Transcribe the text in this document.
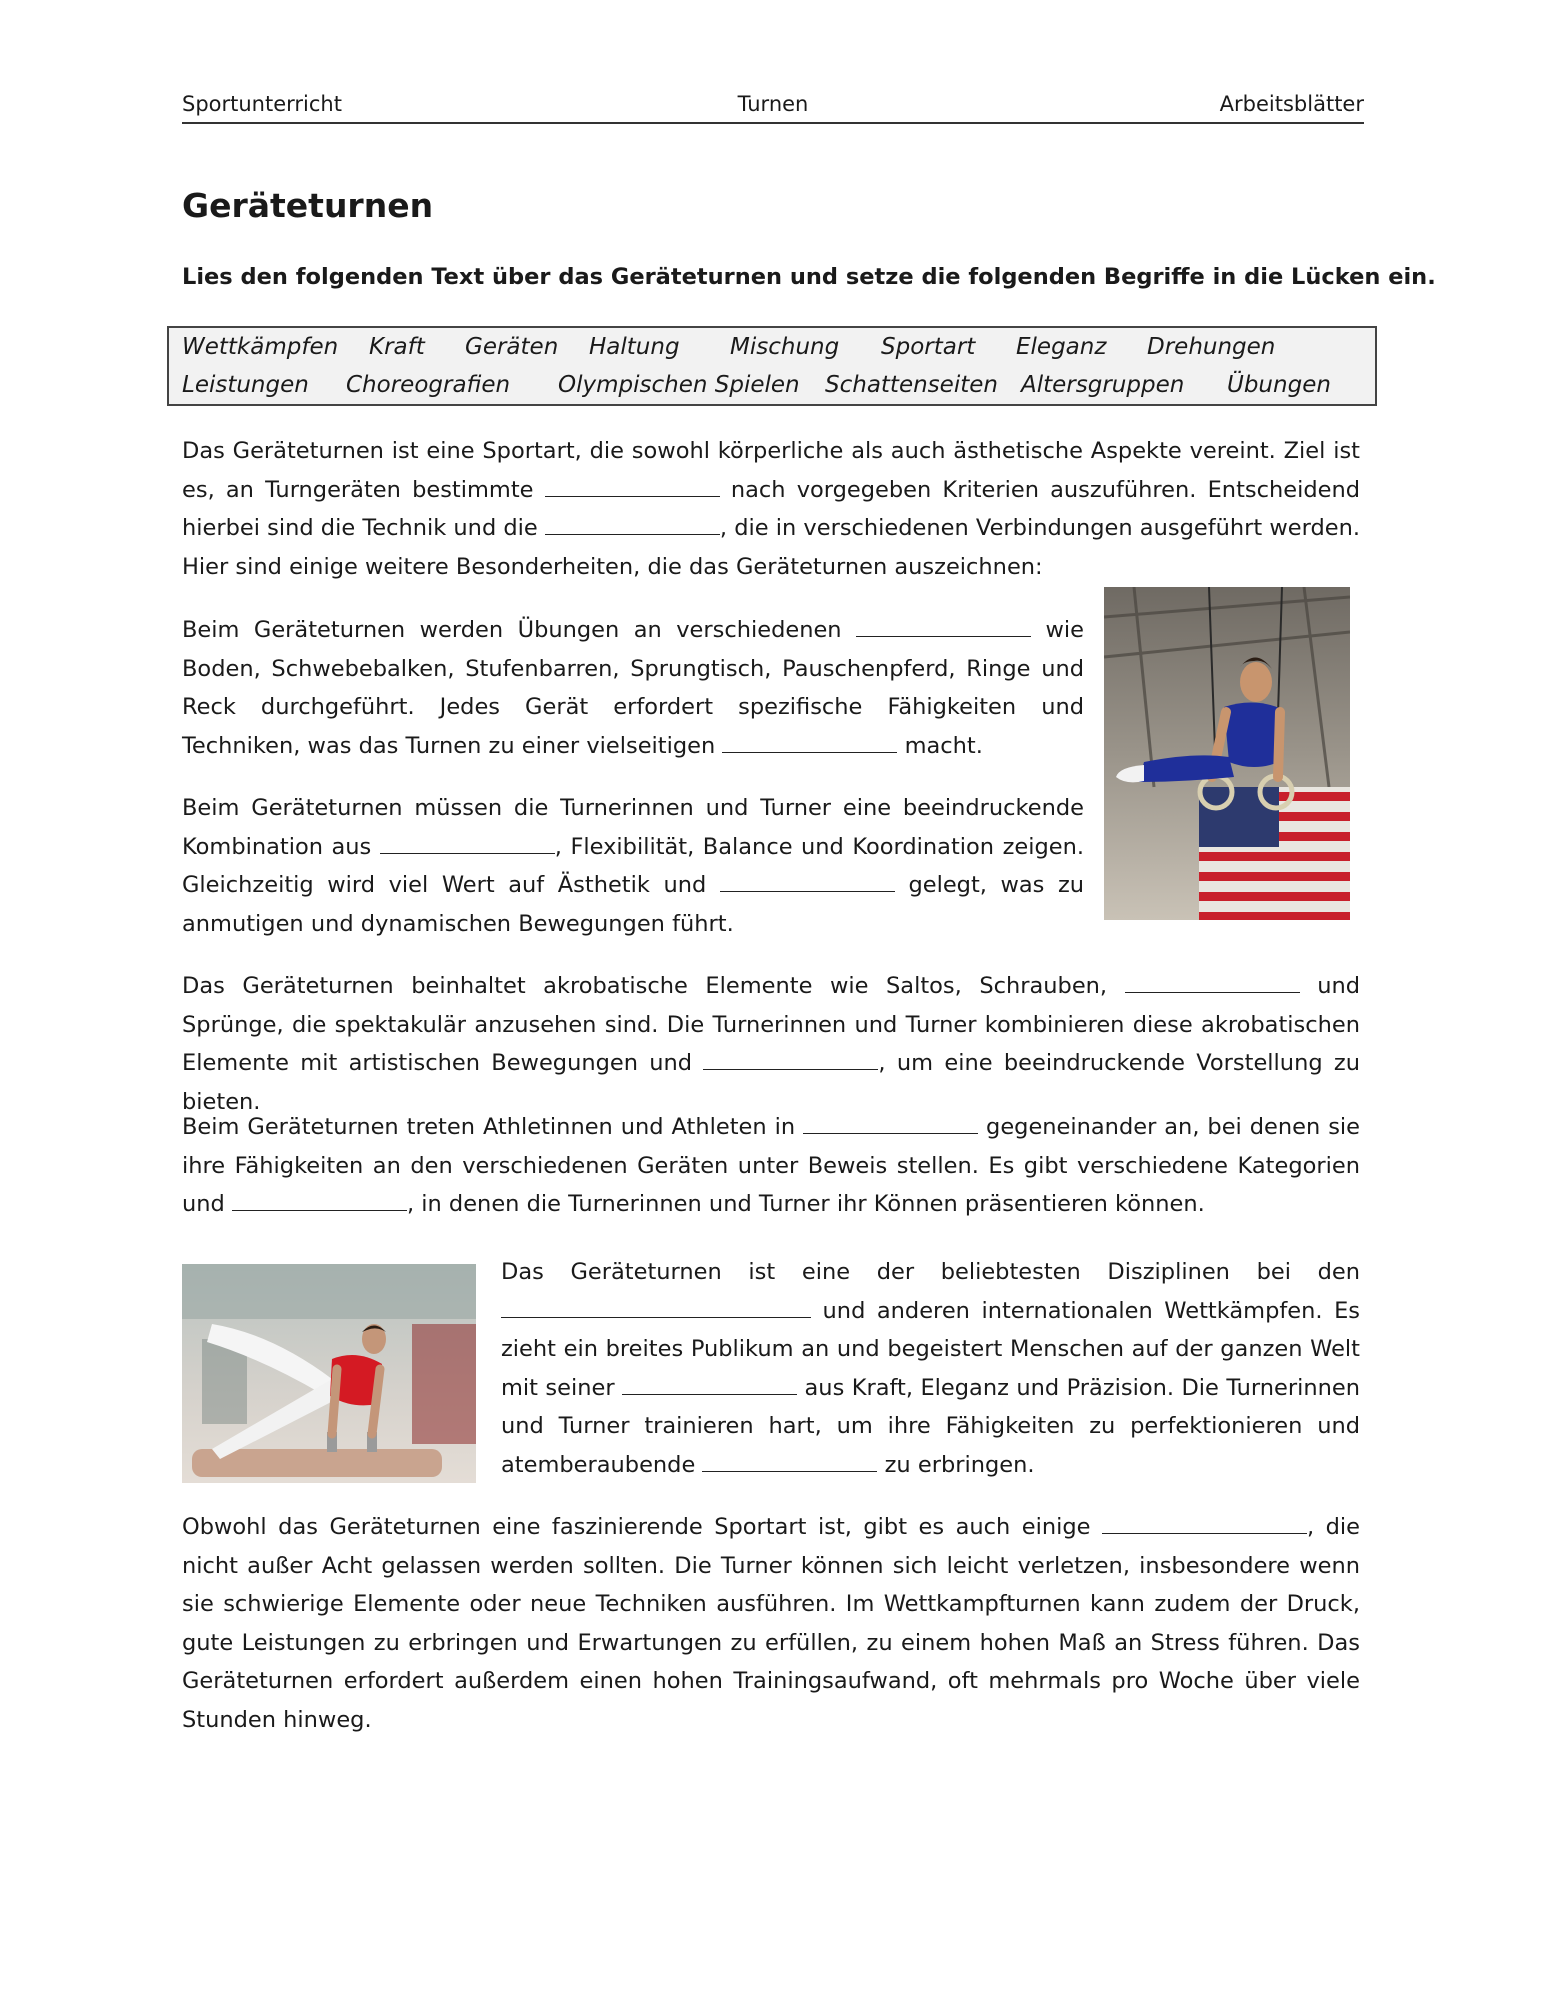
Sportunterricht	Turnen	Arbeitsblätter
Geräteturnen

Lies den folgenden Text über das Geräteturnen und setze die folgenden Begriffe in die Lücken ein.

Wettkämpfen Kraft Geräten Haltung Mischung Sportart Eleganz Drehungen
Leistungen Choreografien Olympischen Spielen Schattenseiten Altersgruppen Übungen

Das Geräteturnen ist eine Sportart, die sowohl körperliche als auch ästhetische Aspekte vereint. Ziel ist es, an Turngeräten bestimmte	nach vorgegeben Kriterien auszuführen. Entscheidend hierbei sind die Technik und die	, die in verschiedenen Verbindungen ausgeführt werden. Hier sind einige weitere Besonderheiten, die das Geräteturnen auszeichnen:

Beim Geräteturnen werden Übungen an verschiedenen	wie Boden, Schwebebalken, Stufenbarren, Sprungtisch, Pauschenpferd, Ringe und Reck durchgeführt. Jedes Gerät erfordert spezifische Fähigkeiten und Techniken, was das Turnen zu einer vielseitigen	macht.

Beim Geräteturnen müssen die Turnerinnen und Turner eine beeindruckende Kombination aus	, Flexibilität, Balance und Koordination zeigen. Gleichzeitig wird viel Wert auf Ästhetik und	gelegt, was zu anmutigen und dynamischen Bewegungen führt.

Das Geräteturnen beinhaltet akrobatische Elemente wie Saltos, Schrauben,	und Sprünge, die spektakulär anzusehen sind. Die Turnerinnen und Turner kombinieren diese akrobatischen Elemente mit artistischen Bewegungen und	, um eine beeindruckende Vorstellung zu bieten.

Beim Geräteturnen treten Athletinnen und Athleten in	gegeneinander an, bei denen sie ihre Fähigkeiten an den verschiedenen Geräten unter Beweis stellen. Es gibt verschiedene Kategorien und	, in denen die Turnerinnen und Turner ihr Können präsentieren können.

Das Geräteturnen ist eine der beliebtesten Disziplinen bei den  und anderen internationalen Wettkämpfen. Es zieht ein breites Publikum an und begeistert Menschen auf der ganzen Welt mit seiner	aus Kraft, Eleganz und Präzision. Die Turnerinnen und Turner trainieren hart, um ihre Fähigkeiten zu perfektionieren und atemberaubende	zu erbringen.

Obwohl das Geräteturnen eine faszinierende Sportart ist, gibt es auch einige	, die nicht außer Acht gelassen werden sollten. Die Turner können sich leicht verletzen, insbesondere wenn sie schwierige Elemente oder neue Techniken ausführen. Im Wettkampfturnen kann zudem der Druck, gute Leistungen zu erbringen und Erwartungen zu erfüllen, zu einem hohen Maß an Stress führen. Das Geräteturnen erfordert außerdem einen hohen Trainingsaufwand, oft mehrmals pro Woche über viele Stunden hinweg.
